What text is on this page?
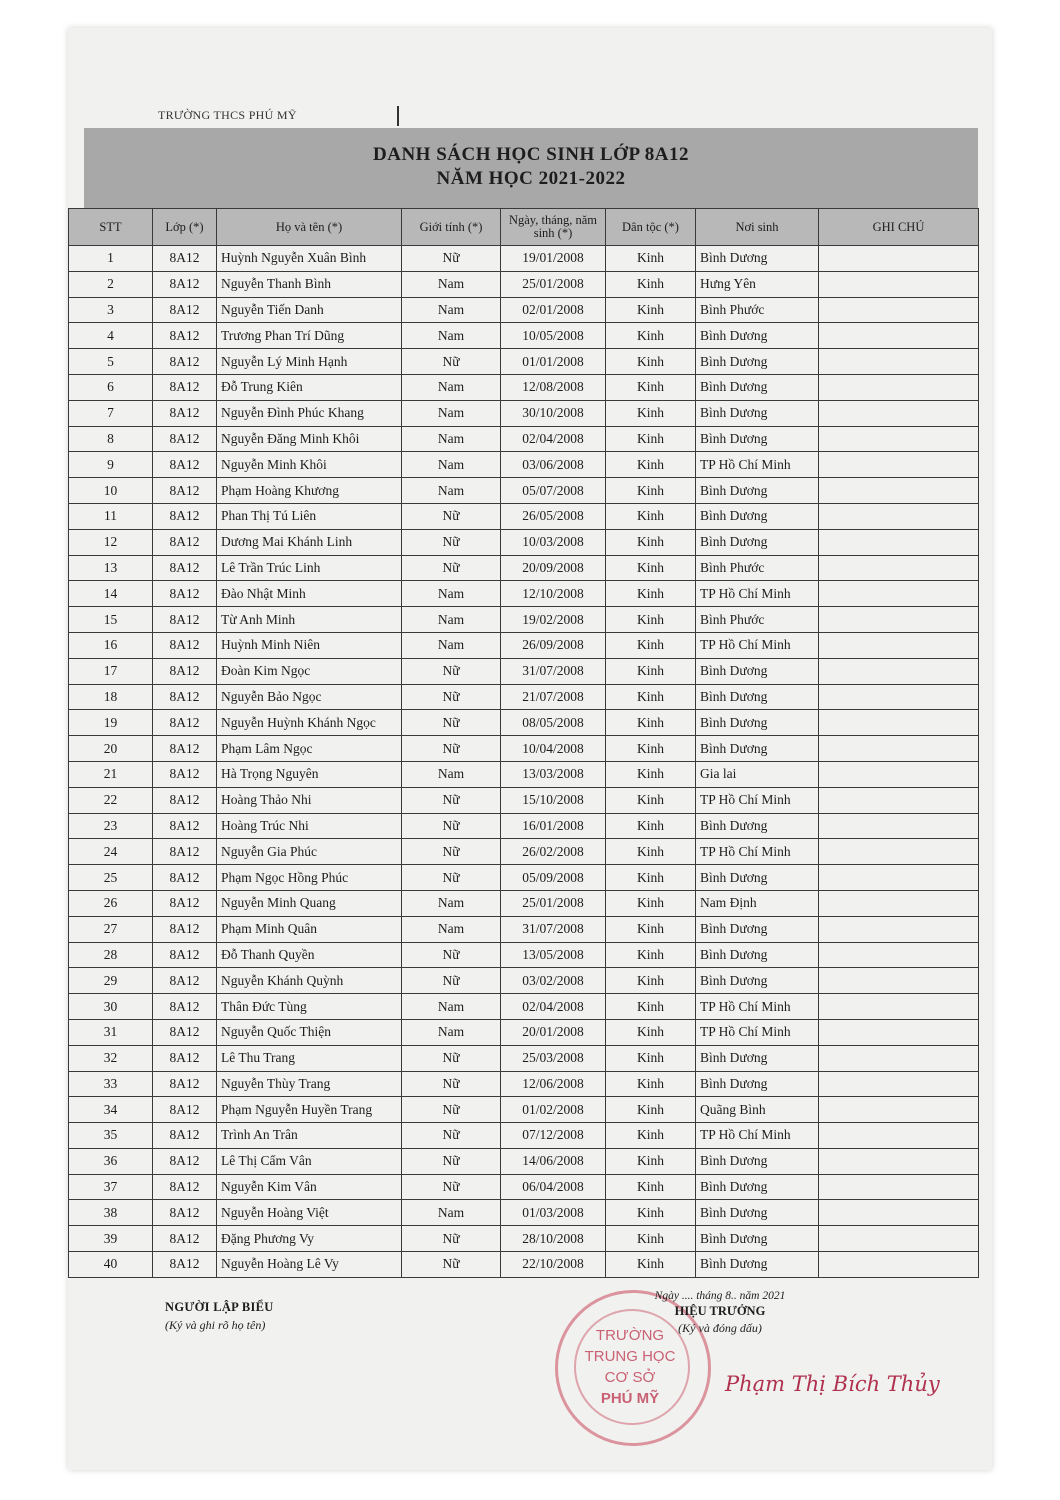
TRƯỜNG THCS PHÚ MỸ
DANH SÁCH HỌC SINH LỚP 8A12
NĂM HỌC 2021-2022
STT	Lớp (*)	Họ và tên (*)	Giới tính (*)	Ngày, tháng, năm sinh (*)	Dân tộc (*)	Nơi sinh	GHI CHÚ
1	8A12	Huỳnh Nguyễn Xuân Bình	Nữ	19/01/2008	Kinh	Bình Dương	
2	8A12	Nguyễn Thanh Bình	Nam	25/01/2008	Kinh	Hưng Yên	
3	8A12	Nguyễn Tiến Danh	Nam	02/01/2008	Kinh	Bình Phước	
4	8A12	Trương Phan Trí Dũng	Nam	10/05/2008	Kinh	Bình Dương	
5	8A12	Nguyễn Lý Minh Hạnh	Nữ	01/01/2008	Kinh	Bình Dương	
6	8A12	Đỗ Trung Kiên	Nam	12/08/2008	Kinh	Bình Dương	
7	8A12	Nguyễn Đình Phúc Khang	Nam	30/10/2008	Kinh	Bình Dương	
8	8A12	Nguyễn Đăng Minh Khôi	Nam	02/04/2008	Kinh	Bình Dương	
9	8A12	Nguyễn Minh Khôi	Nam	03/06/2008	Kinh	TP Hồ Chí Minh	
10	8A12	Phạm Hoàng Khương	Nam	05/07/2008	Kinh	Bình Dương	
11	8A12	Phan Thị Tú Liên	Nữ	26/05/2008	Kinh	Bình Dương	
12	8A12	Dương Mai Khánh Linh	Nữ	10/03/2008	Kinh	Bình Dương	
13	8A12	Lê Trần Trúc Linh	Nữ	20/09/2008	Kinh	Bình Phước	
14	8A12	Đào Nhật Minh	Nam	12/10/2008	Kinh	TP Hồ Chí Minh	
15	8A12	Từ Anh Minh	Nam	19/02/2008	Kinh	Bình Phước	
16	8A12	Huỳnh Minh Niên	Nam	26/09/2008	Kinh	TP Hồ Chí Minh	
17	8A12	Đoàn Kim Ngọc	Nữ	31/07/2008	Kinh	Bình Dương	
18	8A12	Nguyễn Bảo Ngọc	Nữ	21/07/2008	Kinh	Bình Dương	
19	8A12	Nguyễn Huỳnh Khánh Ngọc	Nữ	08/05/2008	Kinh	Bình Dương	
20	8A12	Phạm Lâm Ngọc	Nữ	10/04/2008	Kinh	Bình Dương	
21	8A12	Hà Trọng Nguyên	Nam	13/03/2008	Kinh	Gia lai	
22	8A12	Hoàng Thảo Nhi	Nữ	15/10/2008	Kinh	TP Hồ Chí Minh	
23	8A12	Hoàng Trúc Nhi	Nữ	16/01/2008	Kinh	Bình Dương	
24	8A12	Nguyễn Gia Phúc	Nữ	26/02/2008	Kinh	TP Hồ Chí Minh	
25	8A12	Phạm Ngọc Hồng Phúc	Nữ	05/09/2008	Kinh	Bình Dương	
26	8A12	Nguyễn Minh Quang	Nam	25/01/2008	Kinh	Nam Định	
27	8A12	Phạm Minh Quân	Nam	31/07/2008	Kinh	Bình Dương	
28	8A12	Đỗ Thanh Quyền	Nữ	13/05/2008	Kinh	Bình Dương	
29	8A12	Nguyễn Khánh Quỳnh	Nữ	03/02/2008	Kinh	Bình Dương	
30	8A12	Thân Đức Tùng	Nam	02/04/2008	Kinh	TP Hồ Chí Minh	
31	8A12	Nguyễn Quốc Thiện	Nam	20/01/2008	Kinh	TP Hồ Chí Minh	
32	8A12	Lê Thu Trang	Nữ	25/03/2008	Kinh	Bình Dương	
33	8A12	Nguyễn Thùy Trang	Nữ	12/06/2008	Kinh	Bình Dương	
34	8A12	Phạm Nguyễn Huyền Trang	Nữ	01/02/2008	Kinh	Quãng Bình	
35	8A12	Trình An Trân	Nữ	07/12/2008	Kinh	TP Hồ Chí Minh	
36	8A12	Lê Thị Cẩm Vân	Nữ	14/06/2008	Kinh	Bình Dương	
37	8A12	Nguyễn Kim Vân	Nữ	06/04/2008	Kinh	Bình Dương	
38	8A12	Nguyễn Hoàng Việt	Nam	01/03/2008	Kinh	Bình Dương	
39	8A12	Đặng Phương Vy	Nữ	28/10/2008	Kinh	Bình Dương	
40	8A12	Nguyễn Hoàng Lê Vy	Nữ	22/10/2008	Kinh	Bình Dương	
NGƯỜI LẬP BIỂU
(Ký và ghi rõ họ tên)
TRƯỜNG
TRUNG HỌC
CƠ SỞ
PHÚ MỸ
Ngày .... tháng 8.. năm 2021
HIỆU TRƯỞNG
(Ký và đóng dấu)
Phạm Thị Bích Thủy
